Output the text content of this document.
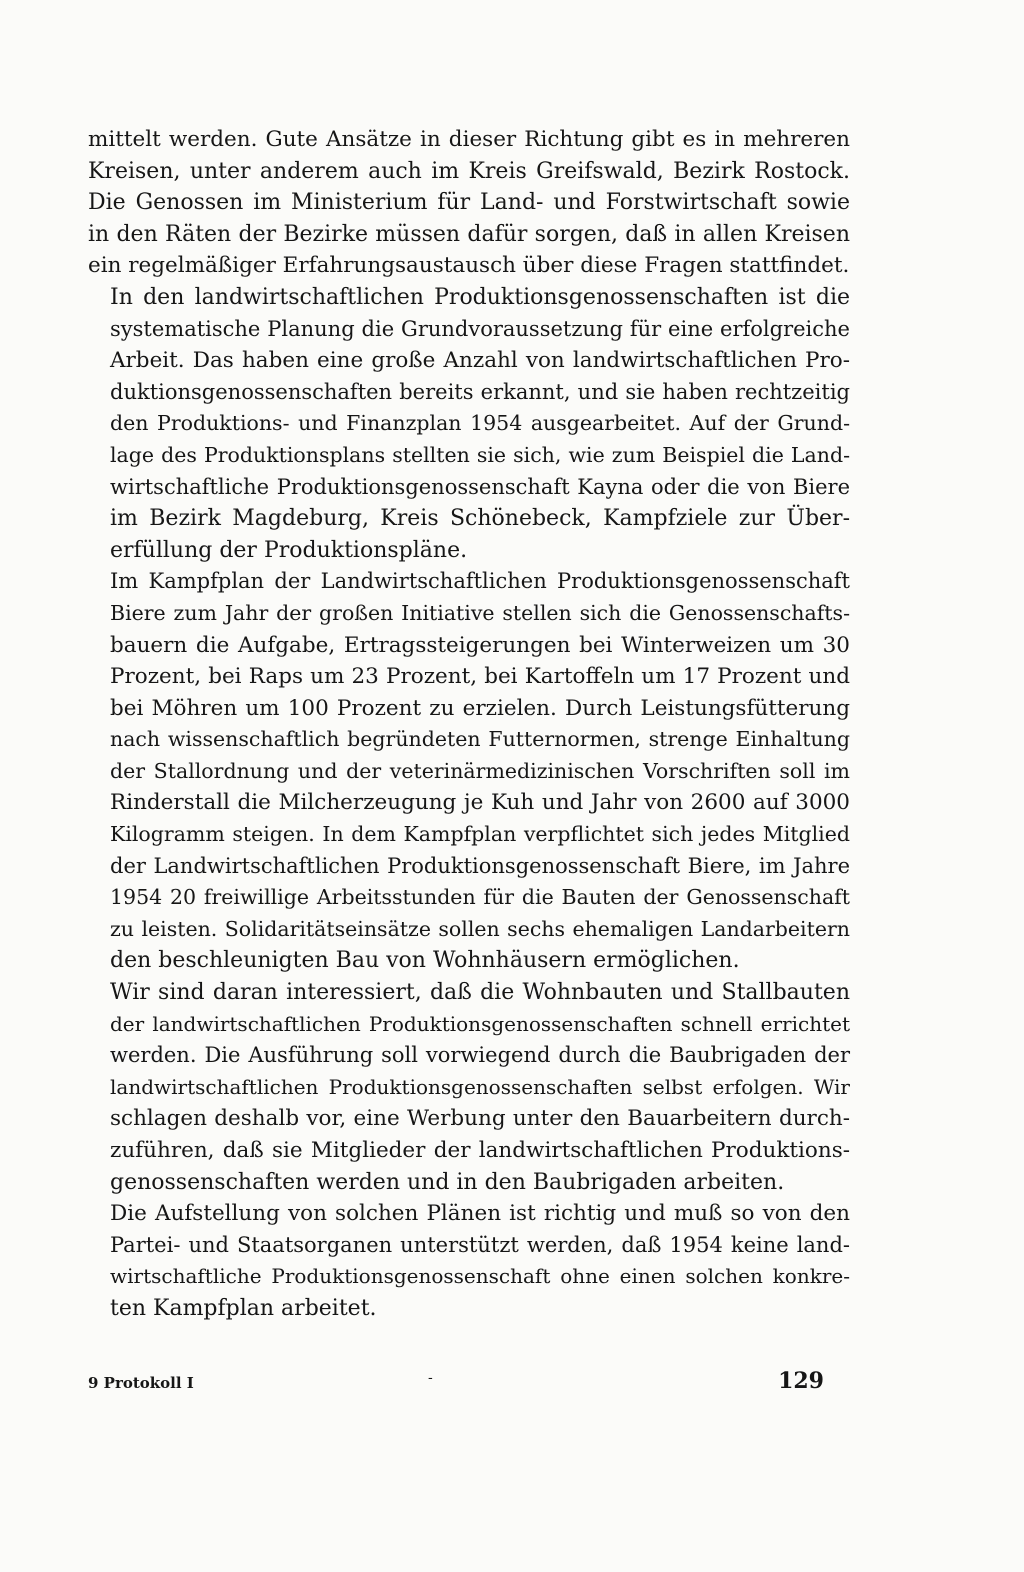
mittelt werden. Gute Ansätze in dieser Richtung gibt es in mehreren
Kreisen, unter anderem auch im Kreis Greifswald, Bezirk Rostock.
Die Genossen im Ministerium für Land- und Forstwirtschaft sowie
in den Räten der Bezirke müssen dafür sorgen, daß in allen Kreisen
ein regelmäßiger Erfahrungsaustausch über diese Fragen stattfindet.

In den landwirtschaftlichen Produktionsgenossenschaften ist die
systematische Planung die Grundvoraussetzung für eine erfolgreiche
Arbeit. Das haben eine große Anzahl von landwirtschaftlichen Pro-
duktionsgenossenschaften bereits erkannt, und sie haben rechtzeitig
den Produktions- und Finanzplan 1954 ausgearbeitet. Auf der Grund-
lage des Produktionsplans stellten sie sich, wie zum Beispiel die Land-
wirtschaftliche Produktionsgenossenschaft Kayna oder die von Biere
im Bezirk Magdeburg, Kreis Schönebeck, Kampfziele zur Über-
erfüllung der Produktionspläne.

Im Kampfplan der Landwirtschaftlichen Produktionsgenossenschaft
Biere zum Jahr der großen Initiative stellen sich die Genossenschafts-
bauern die Aufgabe, Ertragssteigerungen bei Winterweizen um 30
Prozent, bei Raps um 23 Prozent, bei Kartoffeln um 17 Prozent und
bei Möhren um 100 Prozent zu erzielen. Durch Leistungsfütterung
nach wissenschaftlich begründeten Futternormen, strenge Einhaltung
der Stallordnung und der veterinärmedizinischen Vorschriften soll im
Rinderstall die Milcherzeugung je Kuh und Jahr von 2600 auf 3000
Kilogramm steigen. In dem Kampfplan verpflichtet sich jedes Mitglied
der Landwirtschaftlichen Produktionsgenossenschaft Biere, im Jahre
1954 20 freiwillige Arbeitsstunden für die Bauten der Genossenschaft
zu leisten. Solidaritätseinsätze sollen sechs ehemaligen Landarbeitern
den beschleunigten Bau von Wohnhäusern ermöglichen.

Wir sind daran interessiert, daß die Wohnbauten und Stallbauten
der landwirtschaftlichen Produktionsgenossenschaften schnell errichtet
werden. Die Ausführung soll vorwiegend durch die Baubrigaden der
landwirtschaftlichen Produktionsgenossenschaften selbst erfolgen. Wir
schlagen deshalb vor, eine Werbung unter den Bauarbeitern durch-
zuführen, daß sie Mitglieder der landwirtschaftlichen Produktions-
genossenschaften werden und in den Baubrigaden arbeiten.

Die Aufstellung von solchen Plänen ist richtig und muß so von den
Partei- und Staatsorganen unterstützt werden, daß 1954 keine land-
wirtschaftliche Produktionsgenossenschaft ohne einen solchen konkre-
ten Kampfplan arbeitet.

9 Protokoll I	-	129
